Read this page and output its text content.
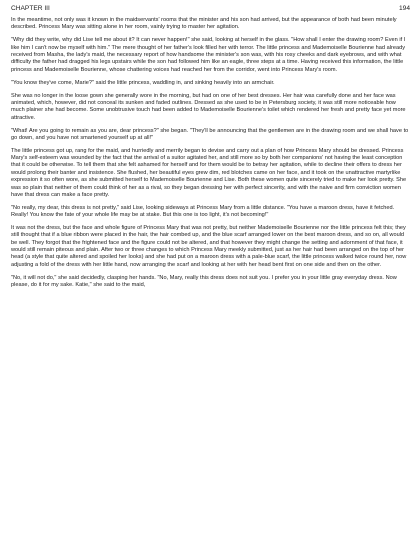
CHAPTER III	194

In the meantime, not only was it known in the maidservants' rooms that the minister and his son had arrived, but the appearance of both had been minutely described. Princess Mary was sitting alone in her room, vainly trying to master her agitation.

"Why did they write, why did Lise tell me about it? It can never happen!" she said, looking at herself in the glass. "How shall I enter the drawing room? Even if I like him I can't now be myself with him." The mere thought of her father's look filled her with terror. The little princess and Mademoiselle Bourienne had already received from Masha, the lady's maid, the necessary report of how handsome the minister's son was, with his rosy cheeks and dark eyebrows, and with what difficulty the father had dragged his legs upstairs while the son had followed him like an eagle, three steps at a time. Having received this information, the little princess and Mademoiselle Bourienne, whose chattering voices had reached her from the corridor, went into Princess Mary's room.

"You know they've come, Marie?" said the little princess, waddling in, and sinking heavily into an armchair.

She was no longer in the loose gown she generally wore in the morning, but had on one of her best dresses. Her hair was carefully done and her face was animated, which, however, did not conceal its sunken and faded outlines. Dressed as she used to be in Petersburg society, it was still more noticeable how much plainer she had become. Some unobtrusive touch had been added to Mademoiselle Bourienne's toilet which rendered her fresh and pretty face yet more attractive.

"What! Are you going to remain as you are, dear princess?" she began. "They'll be announcing that the gentlemen are in the drawing room and we shall have to go down, and you have not smartened yourself up at all!"

The little princess got up, rang for the maid, and hurriedly and merrily began to devise and carry out a plan of how Princess Mary should be dressed. Princess Mary's self-esteem was wounded by the fact that the arrival of a suitor agitated her, and still more so by both her companions' not having the least conception that it could be otherwise. To tell them that she felt ashamed for herself and for them would be to betray her agitation, while to decline their offers to dress her would prolong their banter and insistence. She flushed, her beautiful eyes grew dim, red blotches came on her face, and it took on the unattractive martyrlike expression it so often wore, as she submitted herself to Mademoiselle Bourienne and Lise. Both these women quite sincerely tried to make her look pretty. She was so plain that neither of them could think of her as a rival, so they began dressing her with perfect sincerity, and with the naive and firm conviction women have that dress can make a face pretty.

"No really, my dear, this dress is not pretty," said Lise, looking sideways at Princess Mary from a little distance. "You have a maroon dress, have it fetched. Really! You know the fate of your whole life may be at stake. But this one is too light, it's not becoming!"

It was not the dress, but the face and whole figure of Princess Mary that was not pretty, but neither Mademoiselle Bourienne nor the little princess felt this; they still thought that if a blue ribbon were placed in the hair, the hair combed up, and the blue scarf arranged lower on the best maroon dress, and so on, all would be well. They forgot that the frightened face and the figure could not be altered, and that however they might change the setting and adornment of that face, it would still remain piteous and plain. After two or three changes to which Princess Mary meekly submitted, just as her hair had been arranged on the top of her head (a style that quite altered and spoiled her looks) and she had put on a maroon dress with a pale-blue scarf, the little princess walked twice round her, now adjusting a fold of the dress with her little hand, now arranging the scarf and looking at her with her head bent first on one side and then on the other.

"No, it will not do," she said decidedly, clasping her hands. "No, Mary, really this dress does not suit you. I prefer you in your little gray everyday dress. Now please, do it for my sake. Katie," she said to the maid,
